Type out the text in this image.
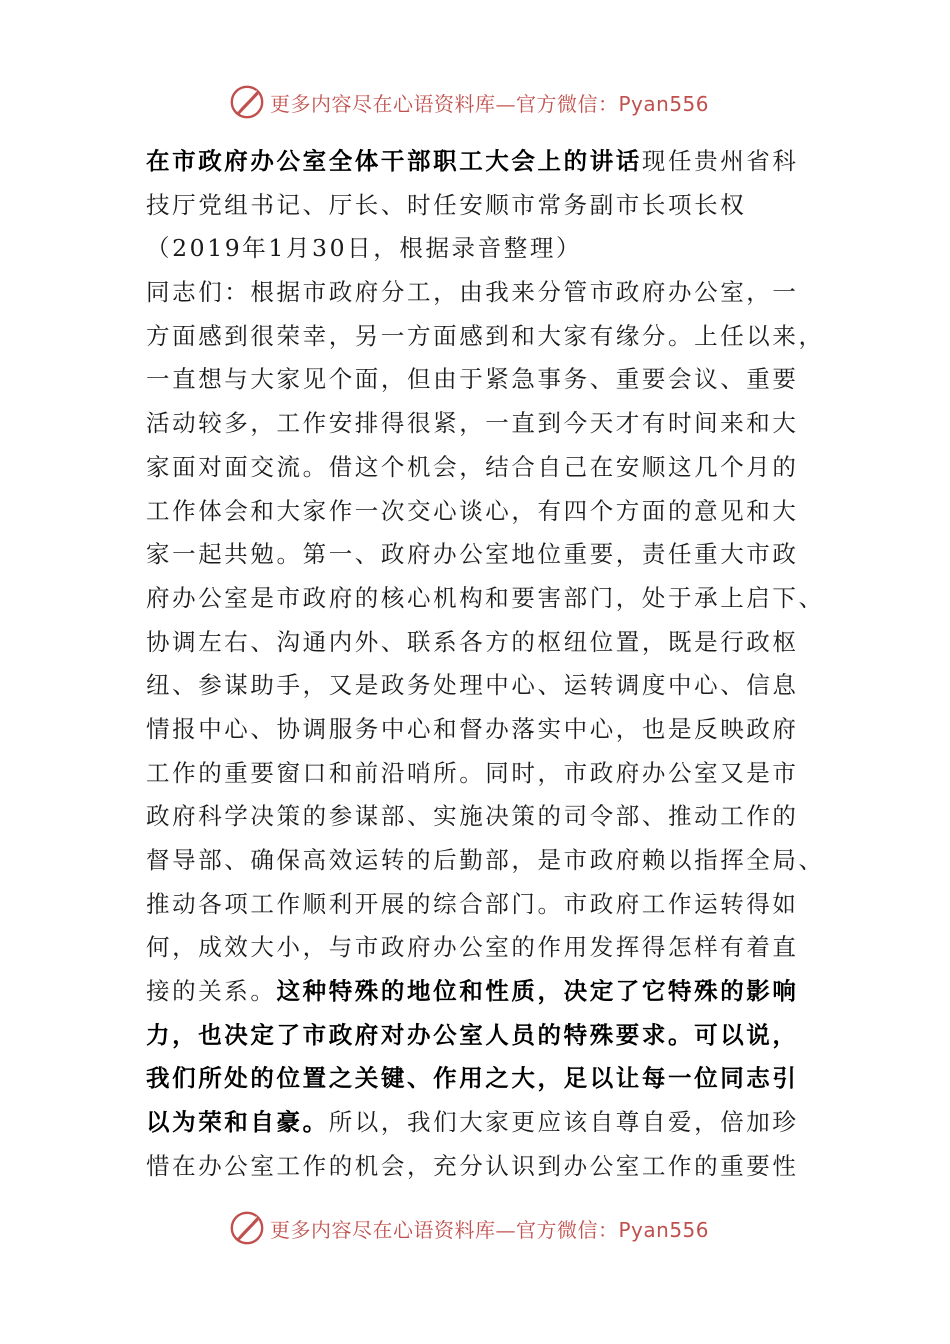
更多内容尽在心语资料库—官方微信：Pyan556
在市政府办公室全体干部职工大会上的讲话现任贵州省科
技厅党组书记、厅长、时任安顺市常务副市长项长权
（2019年1月30日，根据录音整理）
同志们：根据市政府分工，由我来分管市政府办公室，一
方面感到很荣幸，另一方面感到和大家有缘分。上任以来，
一直想与大家见个面，但由于紧急事务、重要会议、重要
活动较多，工作安排得很紧，一直到今天才有时间来和大
家面对面交流。借这个机会，结合自己在安顺这几个月的
工作体会和大家作一次交心谈心，有四个方面的意见和大
家一起共勉。第一、政府办公室地位重要，责任重大市政
府办公室是市政府的核心机构和要害部门，处于承上启下、
协调左右、沟通内外、联系各方的枢纽位置，既是行政枢
纽、参谋助手，又是政务处理中心、运转调度中心、信息
情报中心、协调服务中心和督办落实中心，也是反映政府
工作的重要窗口和前沿哨所。同时，市政府办公室又是市
政府科学决策的参谋部、实施决策的司令部、推动工作的
督导部、确保高效运转的后勤部，是市政府赖以指挥全局、
推动各项工作顺利开展的综合部门。市政府工作运转得如
何，成效大小，与市政府办公室的作用发挥得怎样有着直
接的关系。这种特殊的地位和性质，决定了它特殊的影响
力，也决定了市政府对办公室人员的特殊要求。可以说，
我们所处的位置之关键、作用之大，足以让每一位同志引
以为荣和自豪。所以，我们大家更应该自尊自爱，倍加珍
惜在办公室工作的机会，充分认识到办公室工作的重要性
更多内容尽在心语资料库—官方微信：Pyan556
